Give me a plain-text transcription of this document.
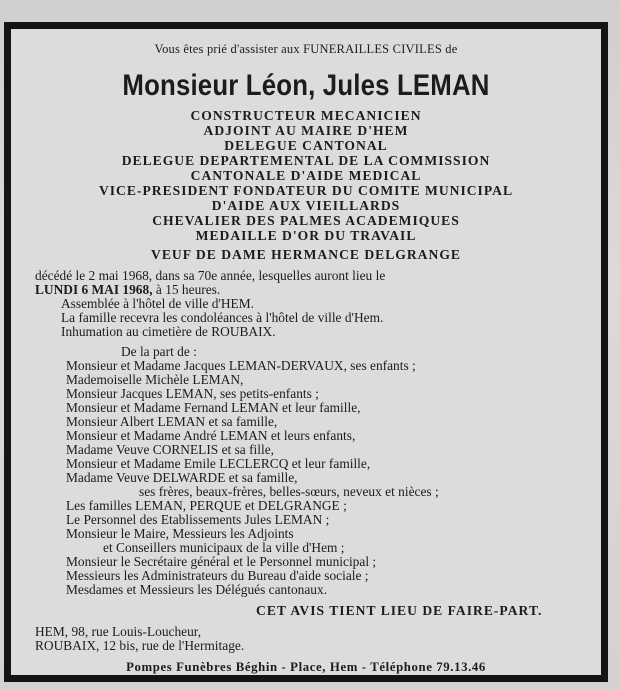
Vous êtes prié d'assister aux FUNERAILLES CIVILES de
Monsieur Léon, Jules LEMAN
CONSTRUCTEUR MECANICIEN
ADJOINT AU MAIRE D'HEM
DELEGUE CANTONAL
DELEGUE DEPARTEMENTAL DE LA COMMISSION
CANTONALE D'AIDE MEDICAL
VICE-PRESIDENT FONDATEUR DU COMITE MUNICIPAL
D'AIDE AUX VIEILLARDS
CHEVALIER DES PALMES ACADEMIQUES
MEDAILLE D'OR DU TRAVAIL
VEUF DE DAME HERMANCE DELGRANGE
décédé le 2 mai 1968, dans sa 70e année, lesquelles auront lieu le
LUNDI 6 MAI 1968, à 15 heures.
Assemblée à l'hôtel de ville d'HEM.
La famille recevra les condoléances à l'hôtel de ville d'Hem.
Inhumation au cimetière de ROUBAIX.
De la part de :
Monsieur et Madame Jacques LEMAN-DERVAUX, ses enfants ;
Mademoiselle Michèle LEMAN,
Monsieur Jacques LEMAN, ses petits-enfants ;
Monsieur et Madame Fernand LEMAN et leur famille,
Monsieur Albert LEMAN et sa famille,
Monsieur et Madame André LEMAN et leurs enfants,
Madame Veuve CORNELIS et sa fille,
Monsieur et Madame Emile LECLERCQ et leur famille,
Madame Veuve DELWARDE et sa famille,
ses frères, beaux-frères, belles-sœurs, neveux et nièces ;
Les familles LEMAN, PERQUE et DELGRANGE ;
Le Personnel des Etablissements Jules LEMAN ;
Monsieur le Maire, Messieurs les Adjoints
et Conseillers municipaux de la ville d'Hem ;
Monsieur le Secrétaire général et le Personnel municipal ;
Messieurs les Administrateurs du Bureau d'aide sociale ;
Mesdames et Messieurs les Délégués cantonaux.
CET AVIS TIENT LIEU DE FAIRE-PART.
HEM, 98, rue Louis-Loucheur,
ROUBAIX, 12 bis, rue de l'Hermitage.
Pompes Funèbres Béghin - Place, Hem - Téléphone 79.13.46
